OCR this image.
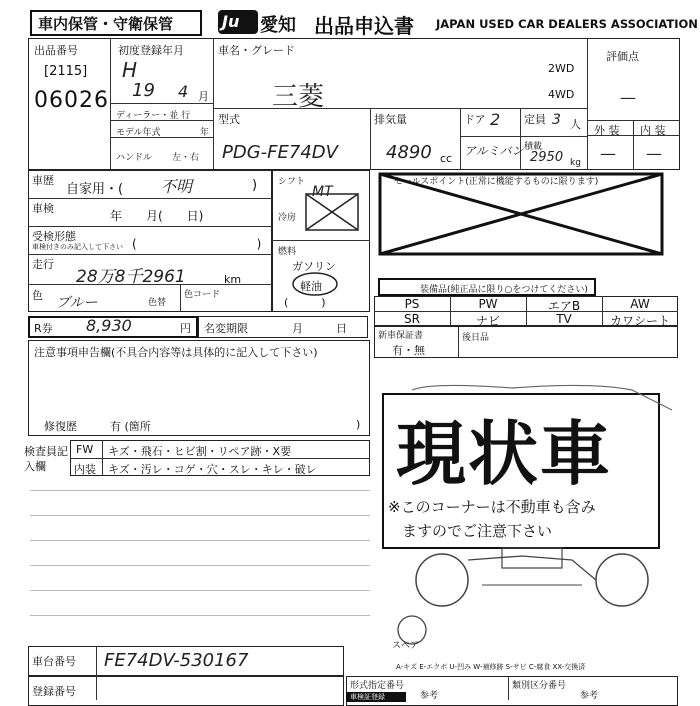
車内保管・守衛保管	Ju 愛知 出品申込書 JAPAN USED CAR DEALERS ASSOCIATION
出品番号
[2115]
06026
初度登録年月
H
19 4 月
ディーラー・並 行
モデル年式	年
ハンドル 左・右
車名・グレード
三菱
2WD
4WD
型式
PDG-FE74DV
排気量
4890 cc
ドア 2 定員 3 人
アルミバン 積載
2950 kg
評価点
—
外 装 内 装
— —
車歴
自家用・( 不明	)
車検
年　　月(　　日)
受検形態
車検付きのみ記入して下さい (　　　　　　　　　　)
走行
28万8千2961	km
色 ブルー	色替
色コード
シフト
MT
冷房
燃料
ガソリン
軽油
(　　　)
セールスポイント(正常に機能するものに限ります)
装備品(純正品に限り○をつけてください)
PS	PW	エアB	AW
SR	ナビ	TV	カワシート
新車保証書
有・無
後日品
R券 8,930	円 名変期限	月　　　日
注意事項申告欄(不具合内容等は具体的に記入して下さい)
修復歴	有 (箇所	)
検査員記入欄
FW キズ・飛石・ヒビ割・リペア跡・X要
内装 キズ・汚レ・コゲ・穴・スレ・キレ・破レ 現状車
※このコーナーは不動車も含み
ますのでご注意下さい
スペア
A-キズ E-エクボ U-凹み W-補修跡 S-サビ C-腐食 XX-交換済
車台番号 FE74DV-530167
登録番号	形式指定番号	類別区分番号
参考	参考
車検証登録
